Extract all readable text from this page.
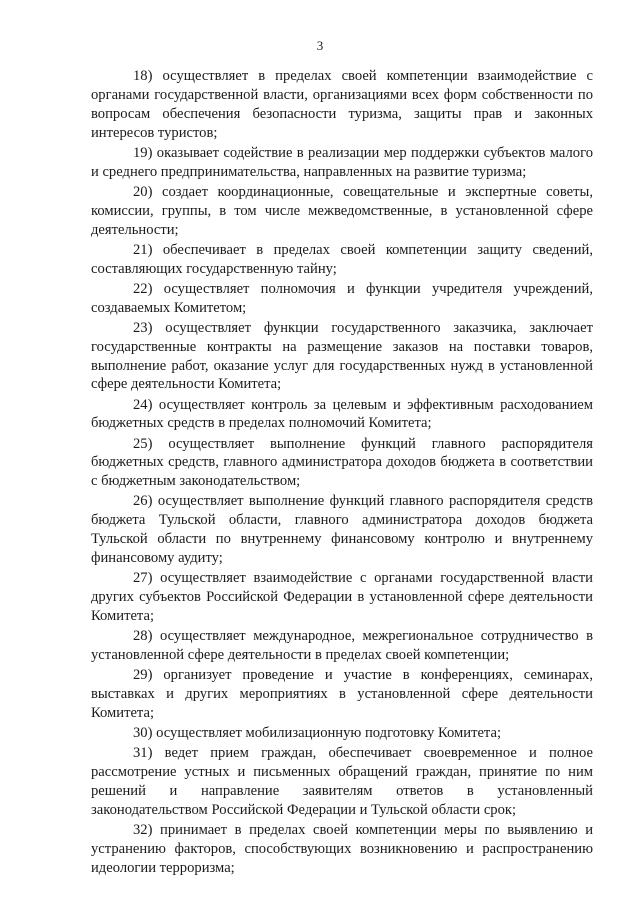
3

18) осуществляет в пределах своей компетенции взаимодействие с органами государственной власти, организациями всех форм собственности по вопросам обеспечения безопасности туризма, защиты прав и законных интересов туристов;

19) оказывает содействие в реализации мер поддержки субъектов малого и среднего предпринимательства, направленных на развитие туризма;

20) создает координационные, совещательные и экспертные советы, комиссии, группы, в том числе межведомственные, в установленной сфере деятельности;

21) обеспечивает в пределах своей компетенции защиту сведений, составляющих государственную тайну;

22) осуществляет полномочия и функции учредителя учреждений, создаваемых Комитетом;

23) осуществляет функции государственного заказчика, заключает государственные контракты на размещение заказов на поставки товаров, выполнение работ, оказание услуг для государственных нужд в установленной сфере деятельности Комитета;

24) осуществляет контроль за целевым и эффективным расходованием бюджетных средств в пределах полномочий Комитета;

25) осуществляет выполнение функций главного распорядителя бюджетных средств, главного администратора доходов бюджета в соответствии с бюджетным законодательством;

26) осуществляет выполнение функций главного распорядителя средств бюджета Тульской области, главного администратора доходов бюджета Тульской области по внутреннему финансовому контролю и внутреннему финансовому аудиту;

27) осуществляет взаимодействие с органами государственной власти других субъектов Российской Федерации в установленной сфере деятельности Комитета;

28) осуществляет международное, межрегиональное сотрудничество в установленной сфере деятельности в пределах своей компетенции;

29) организует проведение и участие в конференциях, семинарах, выставках и других мероприятиях в установленной сфере деятельности Комитета;

30) осуществляет мобилизационную подготовку Комитета;

31) ведет прием граждан, обеспечивает своевременное и полное рассмотрение устных и письменных обращений граждан, принятие по ним решений и направление заявителям ответов в установленный законодательством Российской Федерации и Тульской области срок;

32) принимает в пределах своей компетенции меры по выявлению и устранению факторов, способствующих возникновению и распространению идеологии терроризма;
